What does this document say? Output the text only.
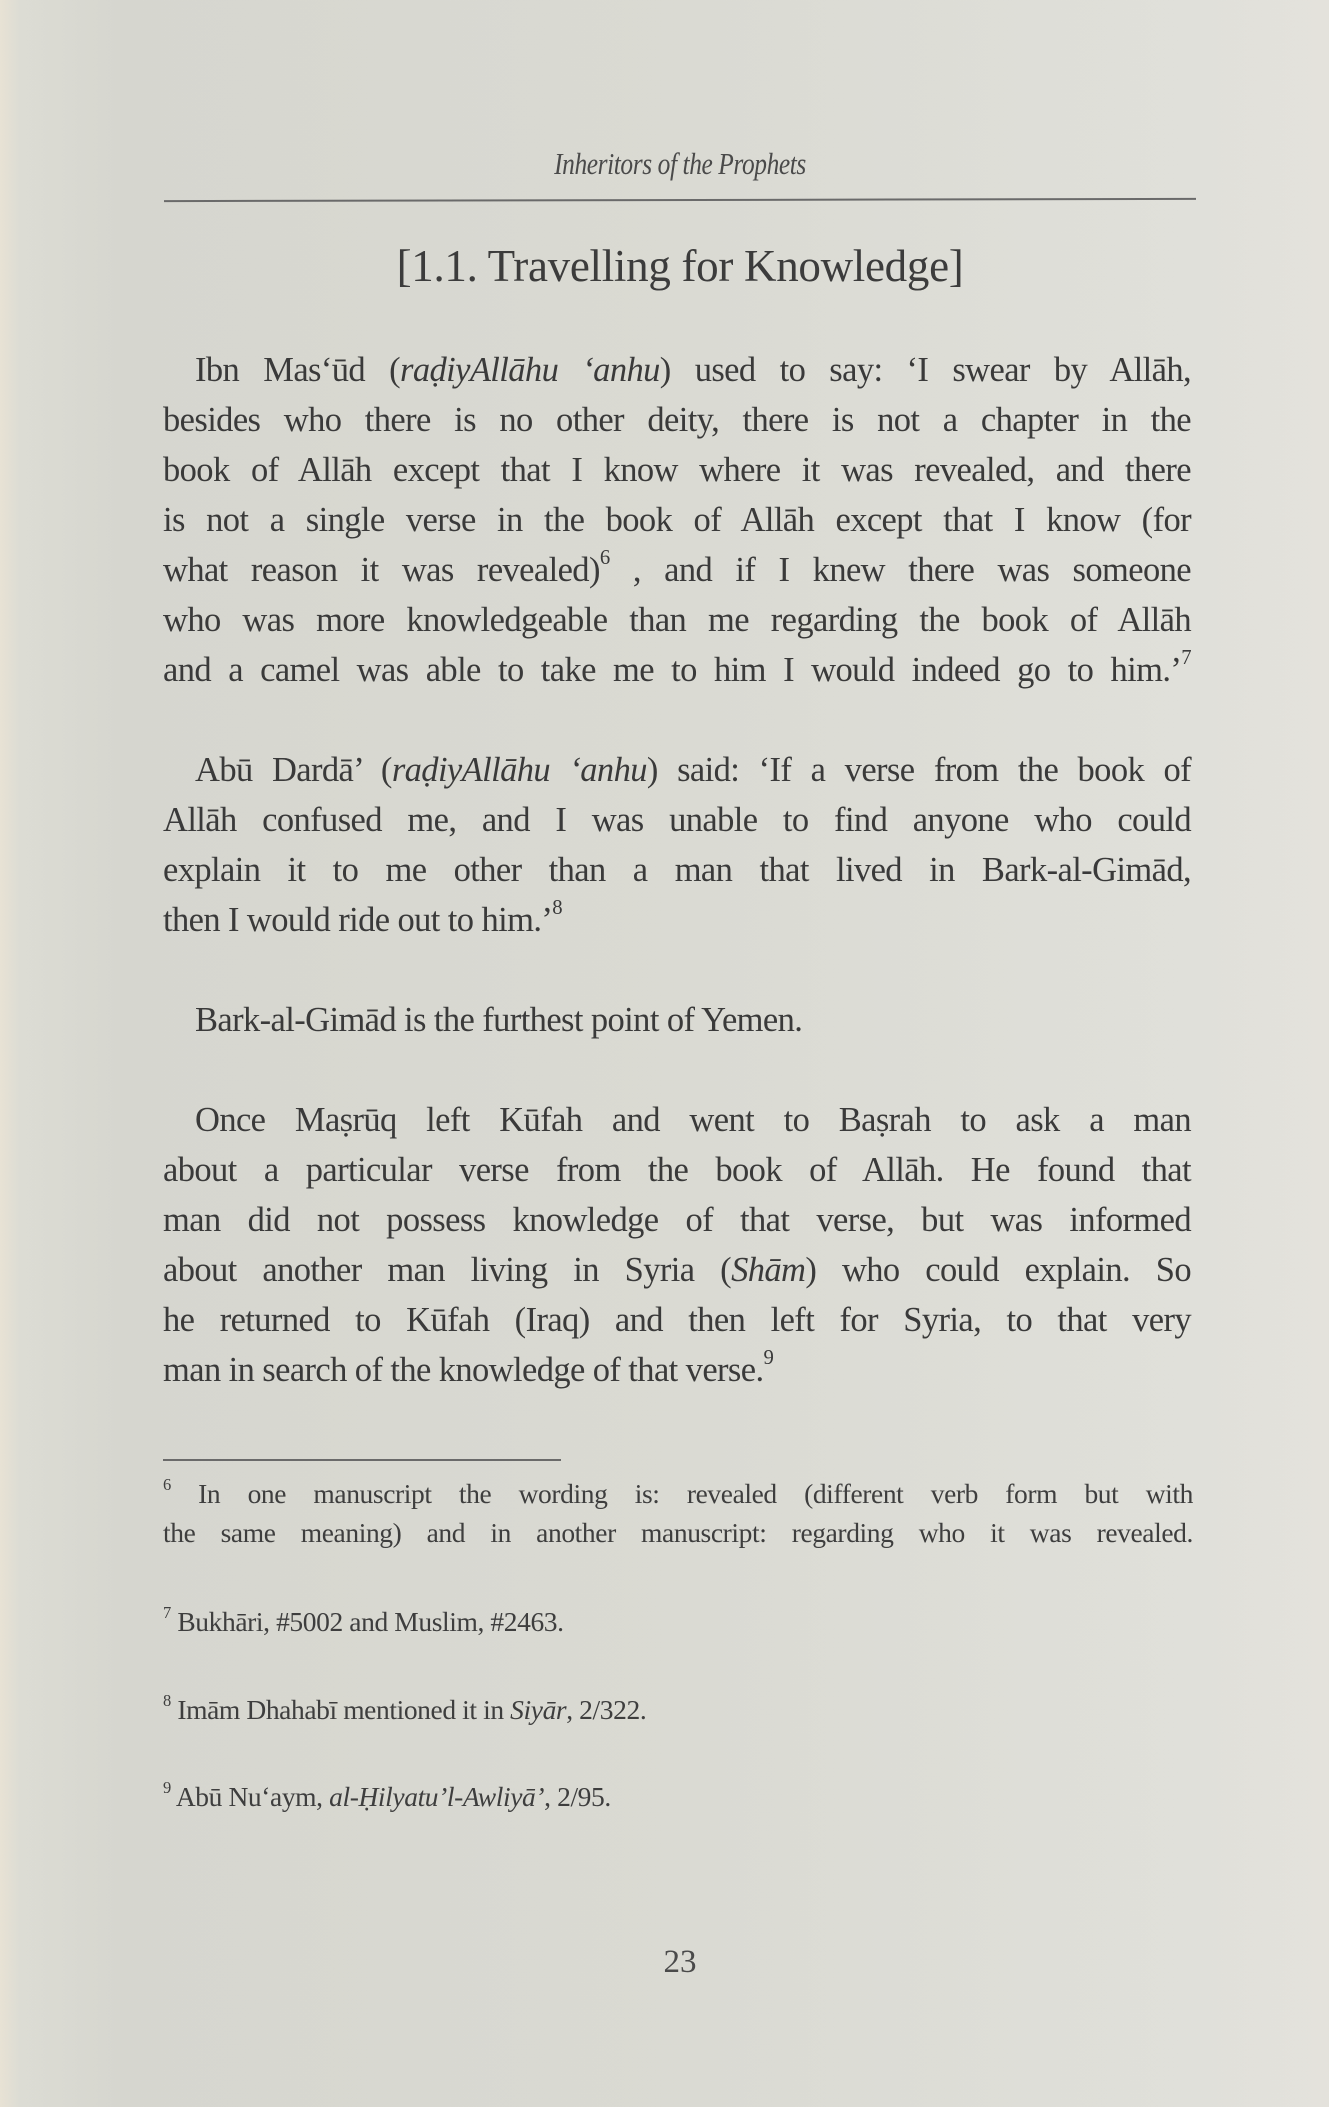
Inheritors of the Prophets
[1.1. Travelling for Knowledge]
Ibn Mas‘ūd (raḍiyAllāhu ‘anhu) used to say: ‘I swear by Allāh,
besides who there is no other deity, there is not a chapter in the
book of Allāh except that I know where it was revealed, and there
is not a single verse in the book of Allāh except that I know (for
what reason it was revealed)$^6$ , and if I knew there was someone
who was more knowledgeable than me regarding the book of Allāh
and a camel was able to take me to him I would indeed go to him.’$^7$
Abū Dardā’ (raḍiyAllāhu ‘anhu) said: ‘If a verse from the book of
Allāh confused me, and I was unable to find anyone who could
explain it to me other than a man that lived in Bark-al-Gimād,
then I would ride out to him.’$^8$
Bark-al-Gimād is the furthest point of Yemen.
Once Maṣrūq left Kūfah and went to Baṣrah to ask a man
about a particular verse from the book of Allāh. He found that
man did not possess knowledge of that verse, but was informed
about another man living in Syria (Shām) who could explain. So
he returned to Kūfah (Iraq) and then left for Syria, to that very
man in search of the knowledge of that verse.$^9$
$^6$ In one manuscript the wording is: revealed (different verb form but with
the same meaning) and in another manuscript: regarding who it was revealed.
$^7$ Bukhāri, #5002 and Muslim, #2463.
$^8$ Imām Dhahabī mentioned it in Siyār, 2/322.
$^9$ Abū Nu‘aym, al-Ḥilyatu’l-Awliyā’, 2/95.
23
